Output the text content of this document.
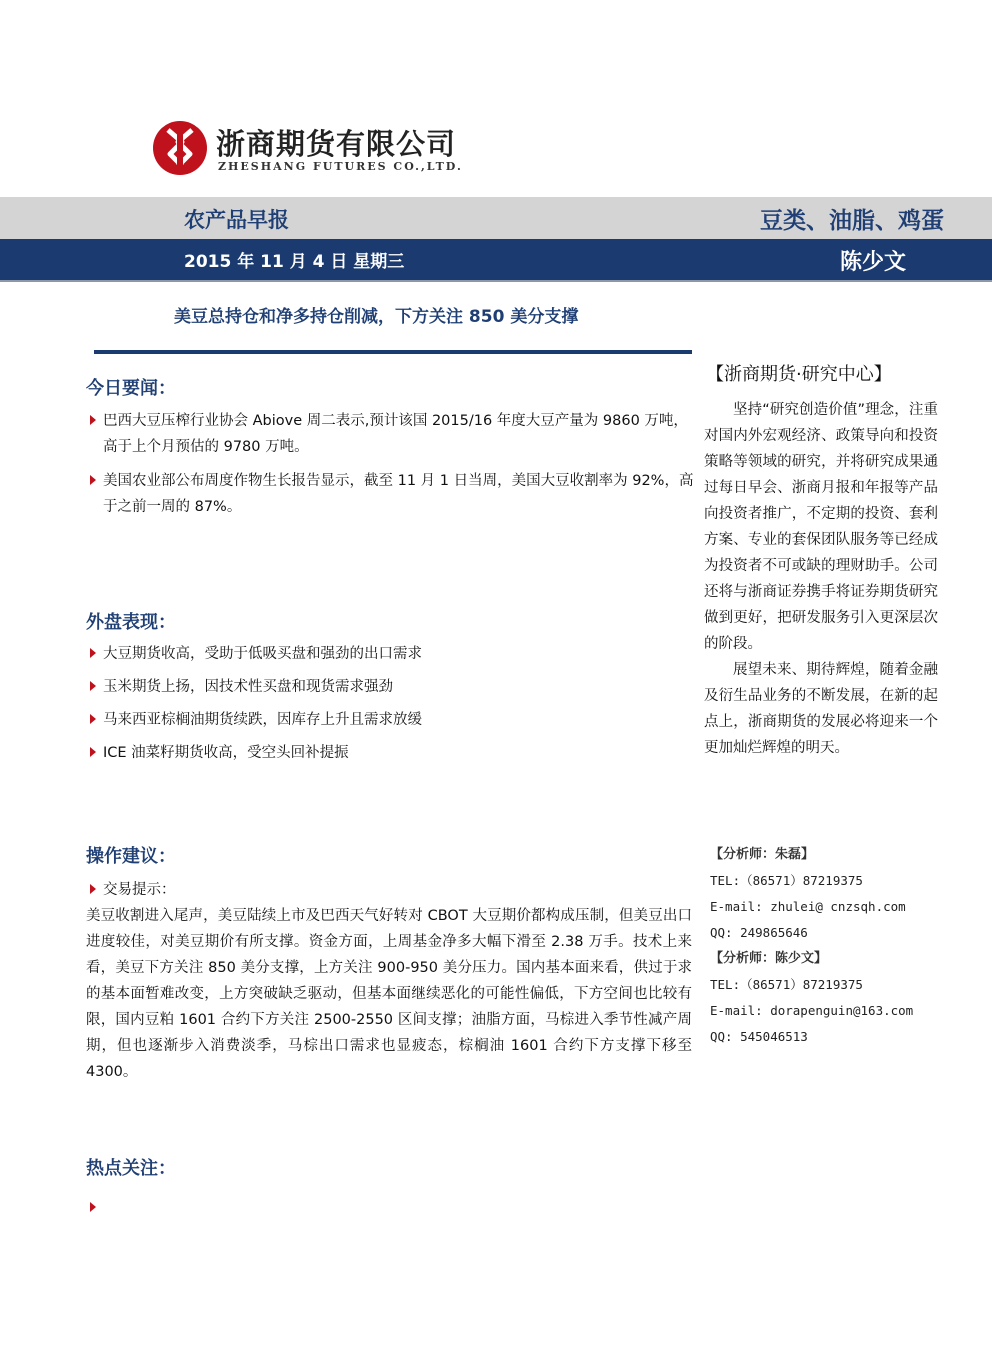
浙商期货有限公司
ZHESHANG FUTURES CO.,LTD.
农产品早报	豆类、油脂、鸡蛋
2015 年 11 月 4 日 星期三	陈少文
美豆总持仓和净多持仓削减，下方关注 850 美分支撑
今日要闻：
巴西大豆压榨行业协会 Abiove 周二表示,预计该国 2015/16 年度大豆产量为 9860 万吨，高于上个月预估的 9780 万吨。
美国农业部公布周度作物生长报告显示，截至 11 月 1 日当周，美国大豆收割率为 92%，高于之前一周的 87%。
外盘表现：
大豆期货收高，受助于低吸买盘和强劲的出口需求
玉米期货上扬，因技术性买盘和现货需求强劲
马来西亚棕榈油期货续跌，因库存上升且需求放缓
ICE 油菜籽期货收高，受空头回补提振
操作建议：
交易提示：
美豆收割进入尾声，美豆陆续上市及巴西天气好转对 CBOT 大豆期价都构成压制，但美豆出口进度较佳，对美豆期价有所支撑。资金方面，上周基金净多大幅下滑至 2.38 万手。技术上来看，美豆下方关注 850 美分支撑，上方关注 900-950 美分压力。国内基本面来看，供过于求的基本面暂难改变，上方突破缺乏驱动，但基本面继续恶化的可能性偏低，下方空间也比较有限，国内豆粕 1601 合约下方关注 2500-2550 区间支撑；油脂方面，马棕进入季节性减产周期，但也逐渐步入消费淡季，马棕出口需求也显疲态，棕榈油 1601 合约下方支撑下移至 4300。
热点关注：
【浙商期货·研究中心】

坚持“研究创造价值”理念，注重对国内外宏观经济、政策导向和投资策略等领域的研究，并将研究成果通过每日早会、浙商月报和年报等产品向投资者推广，不定期的投资、套利方案、专业的套保团队服务等已经成为投资者不可或缺的理财助手。公司还将与浙商证券携手将证券期货研究做到更好，把研发服务引入更深层次的阶段。

展望未来、期待辉煌，随着金融及衍生品业务的不断发展，在新的起点上，浙商期货的发展必将迎来一个更加灿烂辉煌的明天。

【分析师：朱磊】
TEL:（86571）87219375
E-mail: zhulei@ cnzsqh.com
QQ: 249865646
【分析师：陈少文】
TEL:（86571）87219375
E-mail: dorapenguin@163.com
QQ: 545046513
